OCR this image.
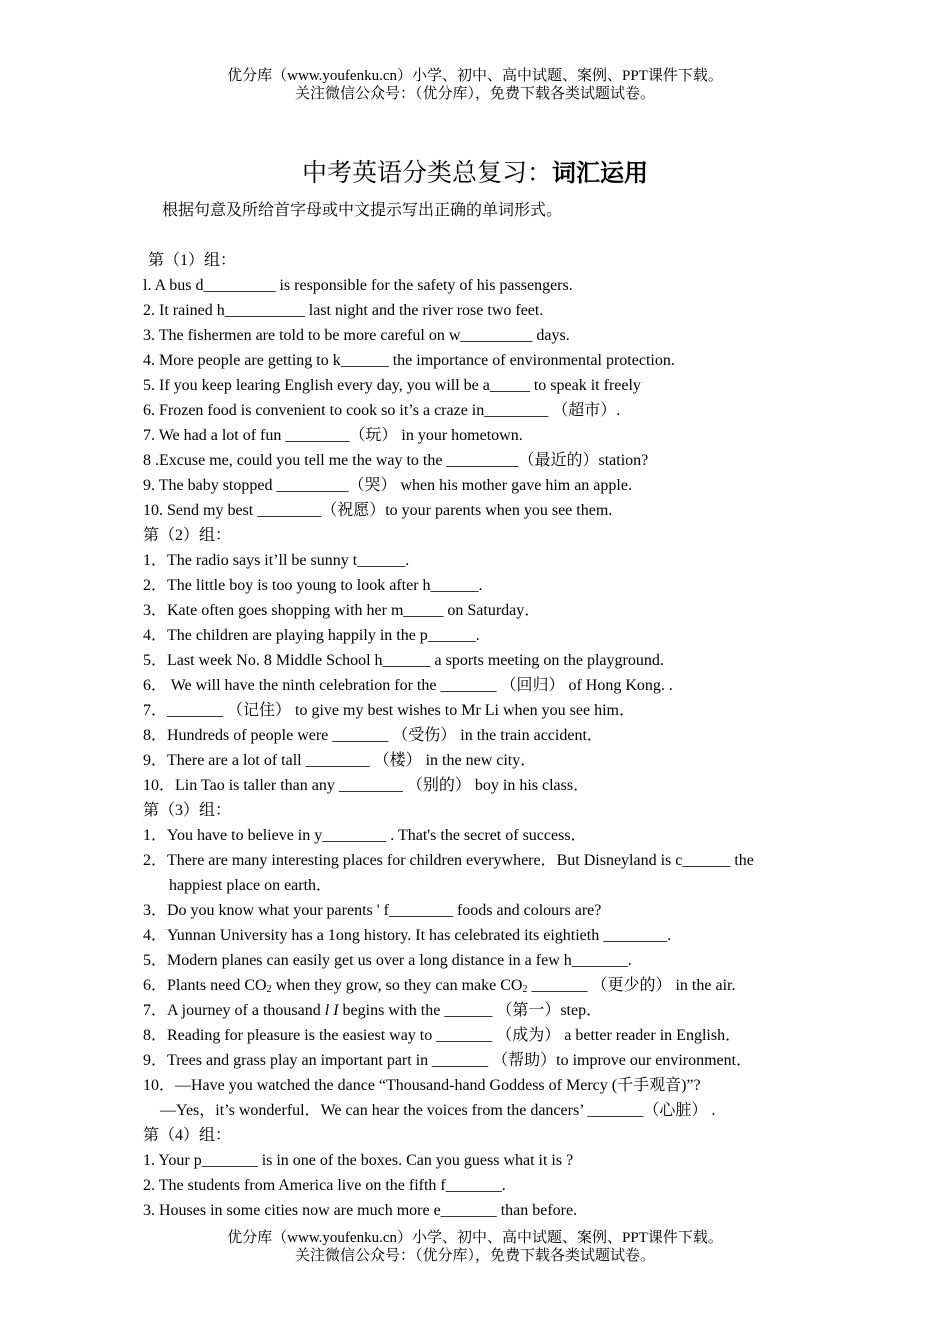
优分库（www.youfenku.cn）小学、初中、高中试题、案例、PPT课件下载。
关注微信公众号：（优分库），免费下载各类试题试卷。
中考英语分类总复习：词汇运用
根据句意及所给首字母或中文提示写出正确的单词形式。
第（1）组：
l. A bus d_________ is responsible for the safety of his passengers.
2. It rained h__________ last night and the river rose two feet.
3. The fishermen are told to be more careful on w_________ days.
4. More people are getting to k______ the importance of environmental protection.
5. If you keep learing English every day, you will be a_____ to speak it freely
6. Frozen food is convenient to cook so it’s a craze in________ （超市）.
7. We had a lot of fun ________（玩） in your hometown.
8 .Excuse me, could you tell me the way to the _________（最近的）station?
9. The baby stopped _________（哭） when his mother gave him an apple.
10. Send my best ________（祝愿）to your parents when you see them.
第（2）组：
1．The radio says it’ll be sunny t______.
2．The little boy is too young to look after h______.
3．Kate often goes shopping with her m_____ on Saturday．
4．The children are playing happily in the p______.
5．Last week No. 8 Middle School h______ a sports meeting on the playground.
6． We will have the ninth celebration for the _______ （回归） of Hong Kong. .
7．_______ （记住） to give my best wishes to Mr Li when you see him．
8．Hundreds of people were _______ （受伤） in the train accident．
9．There are a lot of tall ________ （楼） in the new city．
10．Lin Tao is taller than any ________ （别的） boy in his class．
第（3）组：
1．You have to believe in y________ . That's the secret of success．
2．There are many interesting places for children everywhere．But Disneyland is c______ the
happiest place on earth．
3．Do you know what your parents ' f________ foods and colours are?
4．Yunnan University has a 1ong history. It has celebrated its eightieth ________.
5．Modern planes can easily get us over a long distance in a few h_______.
6．Plants need $CO_2$ when they grow, so they can make $CO_2$ _______ （更少的） in the air.
7．A journey of a thousand l I begins with the ______ （第一）step．
8．Reading for pleasure is the easiest way to _______ （成为） a better reader in English．
9．Trees and grass play an important part in _______ （帮助）to improve our environment．
10．—Have you watched the dance “Thousand-hand Goddess of Mercy (千手观音)”?
—Yes，it’s wonderful．We can hear the voices from the dancers’ _______（心脏） .
第（4）组：
1. Your p_______ is in one of the boxes. Can you guess what it is ?
2. The students from America live on the fifth f_______.
3. Houses in some cities now are much more e_______ than before.
优分库（www.youfenku.cn）小学、初中、高中试题、案例、PPT课件下载。
关注微信公众号：（优分库），免费下载各类试题试卷。
